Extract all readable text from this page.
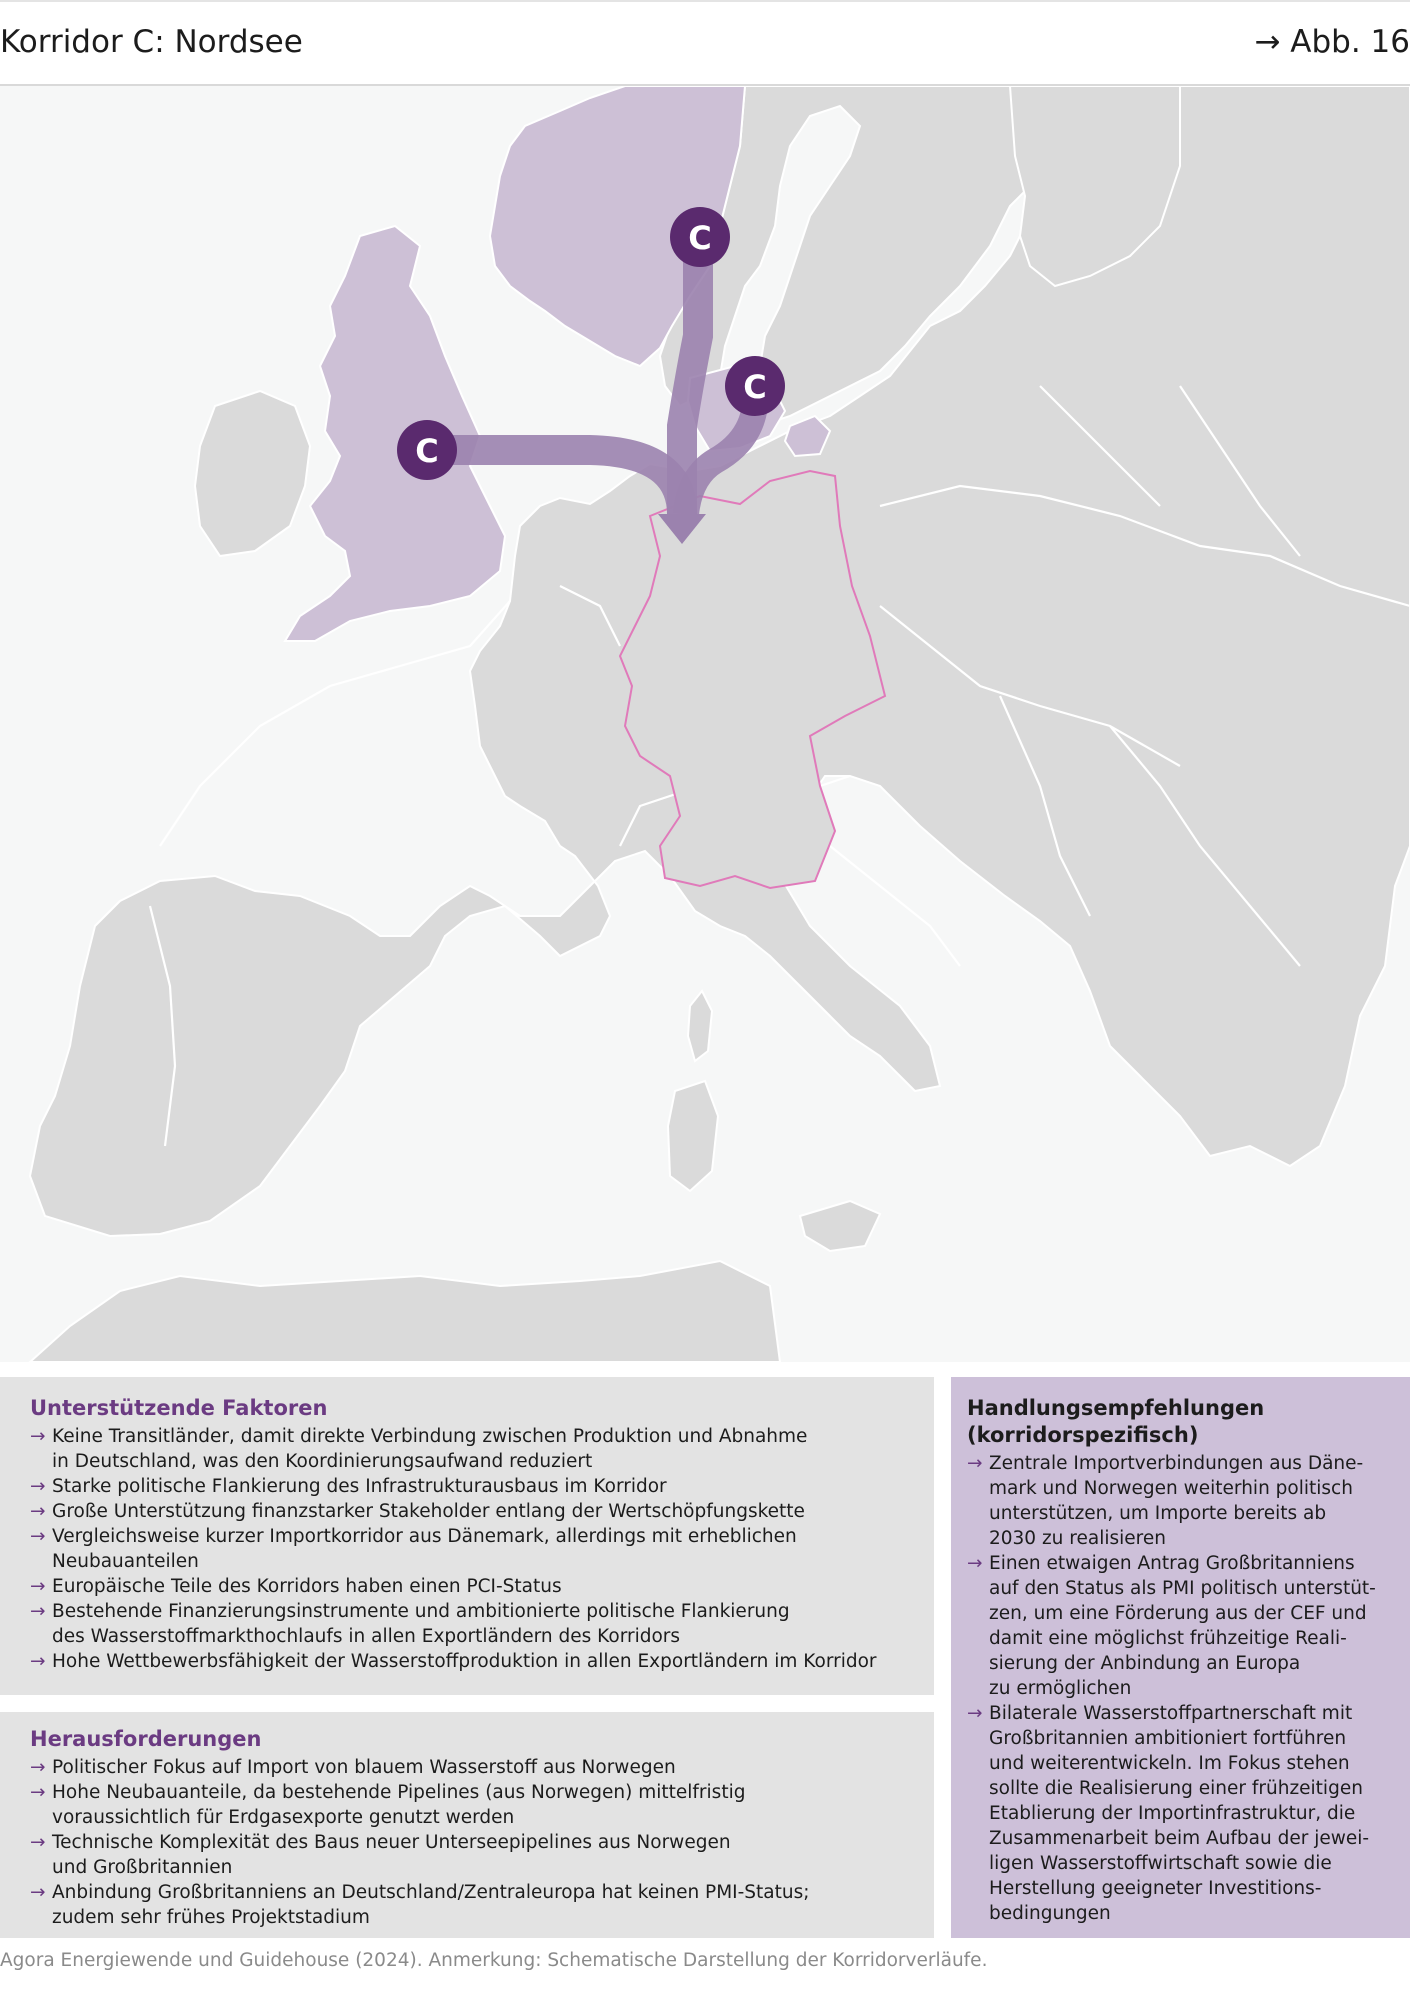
Korridor C: Nordsee	→ Abb. 16
C
C
C
Unterstützende Faktoren
→ Keine Transitländer, damit direkte Verbindung zwischen Produktion und Abnahme
in Deutschland, was den Koordinierungsaufwand reduziert
→ Starke politische Flankierung des Infrastrukturausbaus im Korridor
→ Große Unterstützung finanzstarker Stakeholder entlang der Wertschöpfungskette
→ Vergleichsweise kurzer Importkorridor aus Dänemark, allerdings mit erheblichen
Neubauanteilen
→ Europäische Teile des Korridors haben einen PCI-Status
→ Bestehende Finanzierungsinstrumente und ambitionierte politische Flankierung
des Wasserstoffmarkthochlaufs in allen Exportländern des Korridors
→ Hohe Wettbewerbsfähigkeit der Wasserstoffproduktion in allen Exportländern im Korridor
Herausforderungen
→ Politischer Fokus auf Import von blauem Wasserstoff aus Norwegen
→ Hohe Neubauanteile, da bestehende Pipelines (aus Norwegen) mittelfristig
voraussichtlich für Erdgasexporte genutzt werden
→ Technische Komplexität des Baus neuer Unterseepipelines aus Norwegen
und Großbritannien
→ Anbindung Großbritanniens an Deutschland/Zentraleuropa hat keinen PMI-Status;
zudem sehr frühes Projektstadium
Handlungsempfehlungen
(korridorspezifisch)
→ Zentrale Importverbindungen aus Däne-
mark und Norwegen weiterhin politisch
unterstützen, um Importe bereits ab
2030 zu realisieren
→ Einen etwaigen Antrag Großbritanniens
auf den Status als PMI politisch unterstüt-
zen, um eine Förderung aus der CEF und
damit eine möglichst frühzeitige Reali-
sierung der Anbindung an Europa
zu ermöglichen
→ Bilaterale Wasserstoffpartnerschaft mit
Großbritannien ambitioniert fortführen
und weiterentwickeln. Im Fokus stehen
sollte die Realisierung einer frühzeitigen
Etablierung der Importinfrastruktur, die
Zusammenarbeit beim Aufbau der jewei-
ligen Wasserstoffwirtschaft sowie die
Herstellung geeigneter Investitions-
bedingungen
Agora Energiewende und Guidehouse (2024). Anmerkung: Schematische Darstellung der Korridorverläufe.
